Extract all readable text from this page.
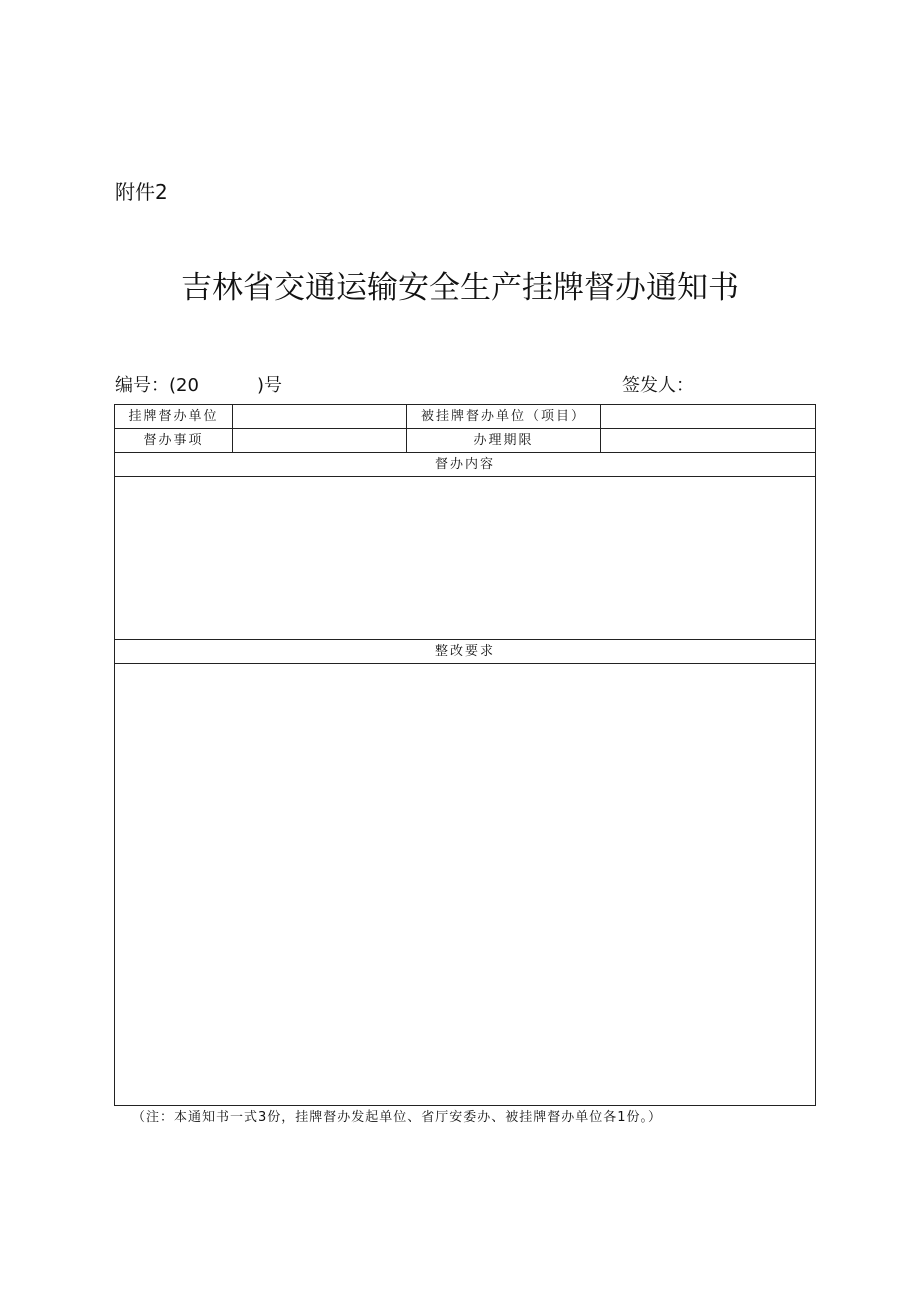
附件2
吉林省交通运输安全生产挂牌督办通知书
编号：(20	)号	签发人：
挂牌督办单位	被挂牌督办单位（项目）
督办事项	办理期限
督办内容
整改要求
（注：本通知书一式3份，挂牌督办发起单位、省厅安委办、被挂牌督办单位各1份。）
